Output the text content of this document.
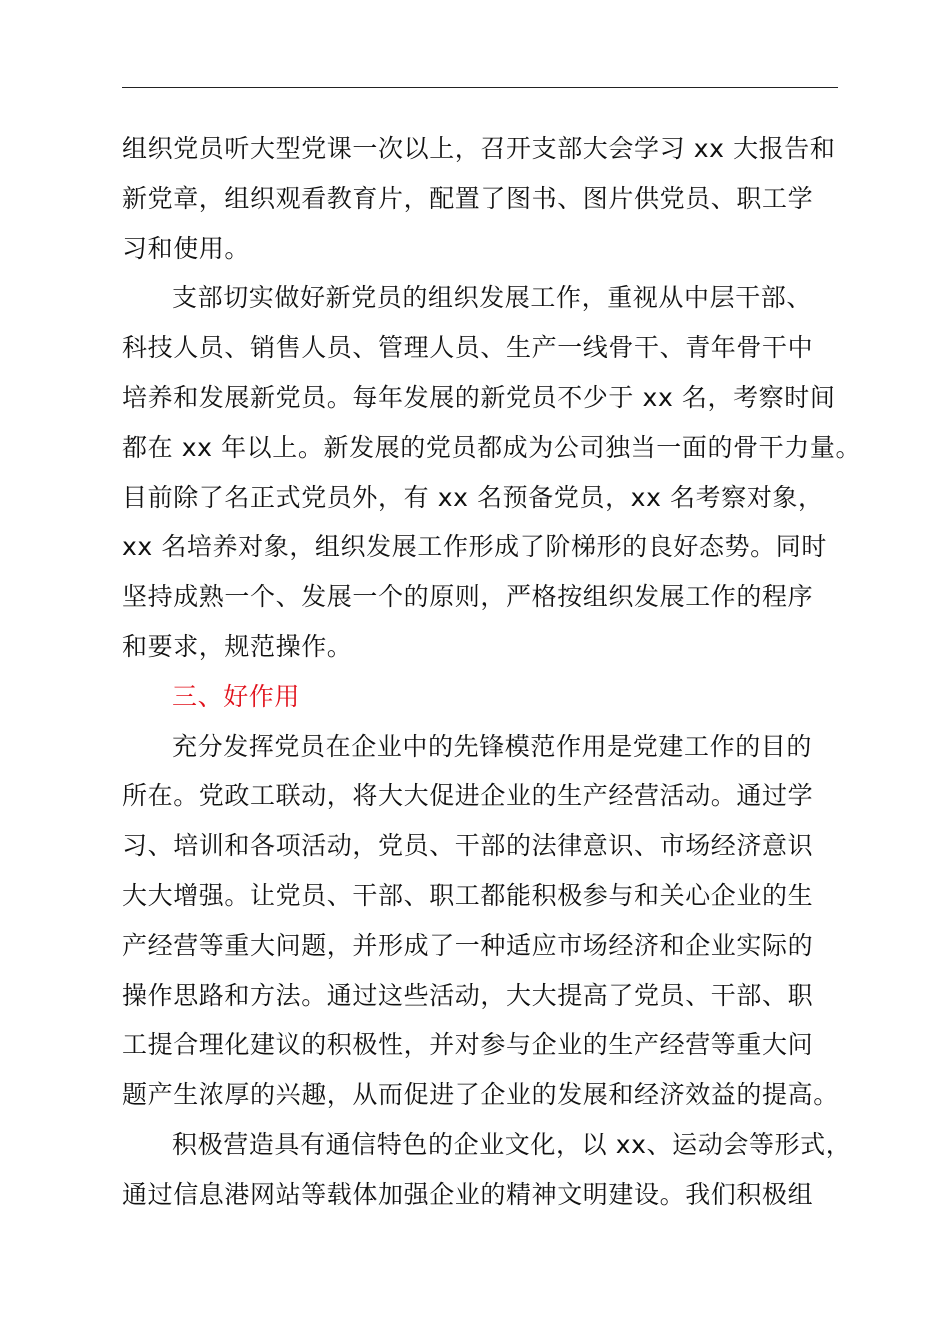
组织党员听大型党课一次以上，召开支部大会学习 xx 大报告和
新党章，组织观看教育片，配置了图书、图片供党员、职工学
习和使用。
支部切实做好新党员的组织发展工作，重视从中层干部、
科技人员、销售人员、管理人员、生产一线骨干、青年骨干中
培养和发展新党员。每年发展的新党员不少于 xx 名，考察时间
都在 xx 年以上。新发展的党员都成为公司独当一面的骨干力量。
目前除了名正式党员外，有 xx 名预备党员，xx 名考察对象，
xx 名培养对象，组织发展工作形成了阶梯形的良好态势。同时
坚持成熟一个、发展一个的原则，严格按组织发展工作的程序
和要求，规范操作。
三、好作用
充分发挥党员在企业中的先锋模范作用是党建工作的目的
所在。党政工联动，将大大促进企业的生产经营活动。通过学
习、培训和各项活动，党员、干部的法律意识、市场经济意识
大大增强。让党员、干部、职工都能积极参与和关心企业的生
产经营等重大问题，并形成了一种适应市场经济和企业实际的
操作思路和方法。通过这些活动，大大提高了党员、干部、职
工提合理化建议的积极性，并对参与企业的生产经营等重大问
题产生浓厚的兴趣，从而促进了企业的发展和经济效益的提高。
积极营造具有通信特色的企业文化，以 xx、运动会等形式，
通过信息港网站等载体加强企业的精神文明建设。我们积极组
